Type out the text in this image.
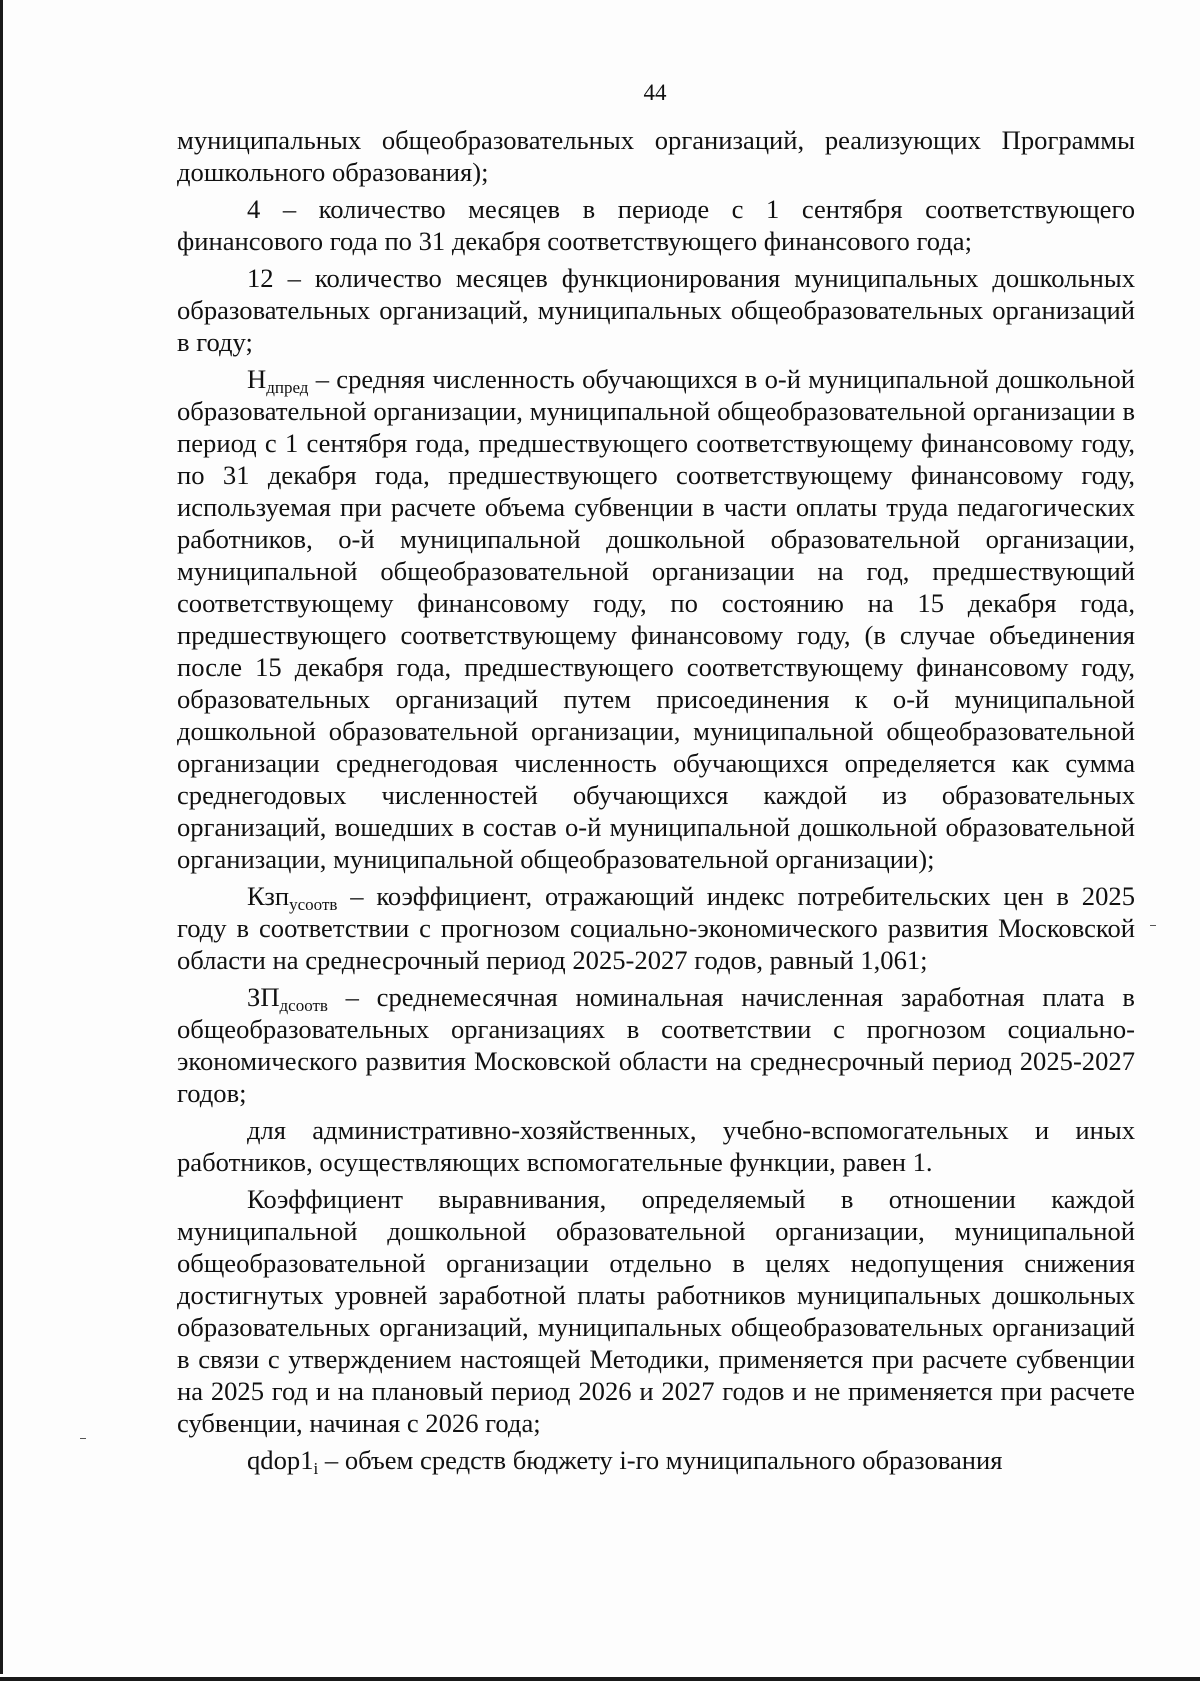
44

муниципальных общеобразовательных организаций, реализующих Программы дошкольного образования);

4 – количество месяцев в периоде с 1 сентября соответствующего финансового года по 31 декабря соответствующего финансового года;

12 – количество месяцев функционирования муниципальных дошкольных образовательных организаций, муниципальных общеобразовательных организаций в году;

$Н_{дпред}$ – средняя численность обучающихся в о-й муниципальной дошкольной образовательной организации, муниципальной общеобразовательной организации в период с 1 сентября года, предшествующего соответствующему финансовому году, по 31 декабря года, предшествующего соответствующему финансовому году, используемая при расчете объема субвенции в части оплаты труда педагогических работников, о-й муниципальной дошкольной образовательной организации, муниципальной общеобразовательной организации на год, предшествующий соответствующему финансовому году, по состоянию на 15 декабря года, предшествующего соответствующему финансовому году, (в случае объединения после 15 декабря года, предшествующего соответствующему финансовому году, образовательных организаций путем присоединения к о-й муниципальной дошкольной образовательной организации, муниципальной общеобразовательной организации среднегодовая численность обучающихся определяется как сумма среднегодовых численностей обучающихся каждой из образовательных организаций, вошедших в состав о-й муниципальной дошкольной образовательной организации, муниципальной общеобразовательной организации);

Кзп$_{усоотв}$ – коэффициент, отражающий индекс потребительских цен в 2025 году в соответствии с прогнозом социально-экономического развития Московской области на среднесрочный период 2025-2027 годов, равный 1,061;

$ЗП_{дсоотв}$ – среднемесячная номинальная начисленная заработная плата в общеобразовательных организациях в соответствии с прогнозом социально-экономического развития Московской области на среднесрочный период 2025-2027 годов;

для административно-хозяйственных, учебно-вспомогательных и иных работников, осуществляющих вспомогательные функции, равен 1.

Коэффициент выравнивания, определяемый в отношении каждой муниципальной дошкольной образовательной организации, муниципальной общеобразовательной организации отдельно в целях недопущения снижения достигнутых уровней заработной платы работников муниципальных дошкольных образовательных организаций, муниципальных общеобразовательных организаций в связи с утверждением настоящей Методики, применяется при расчете субвенции на 2025 год и на плановый период 2026 и 2027 годов и не применяется при расчете субвенции, начиная с 2026 года;

$qdop1_i$ – объем средств бюджету i-го муниципального образования
